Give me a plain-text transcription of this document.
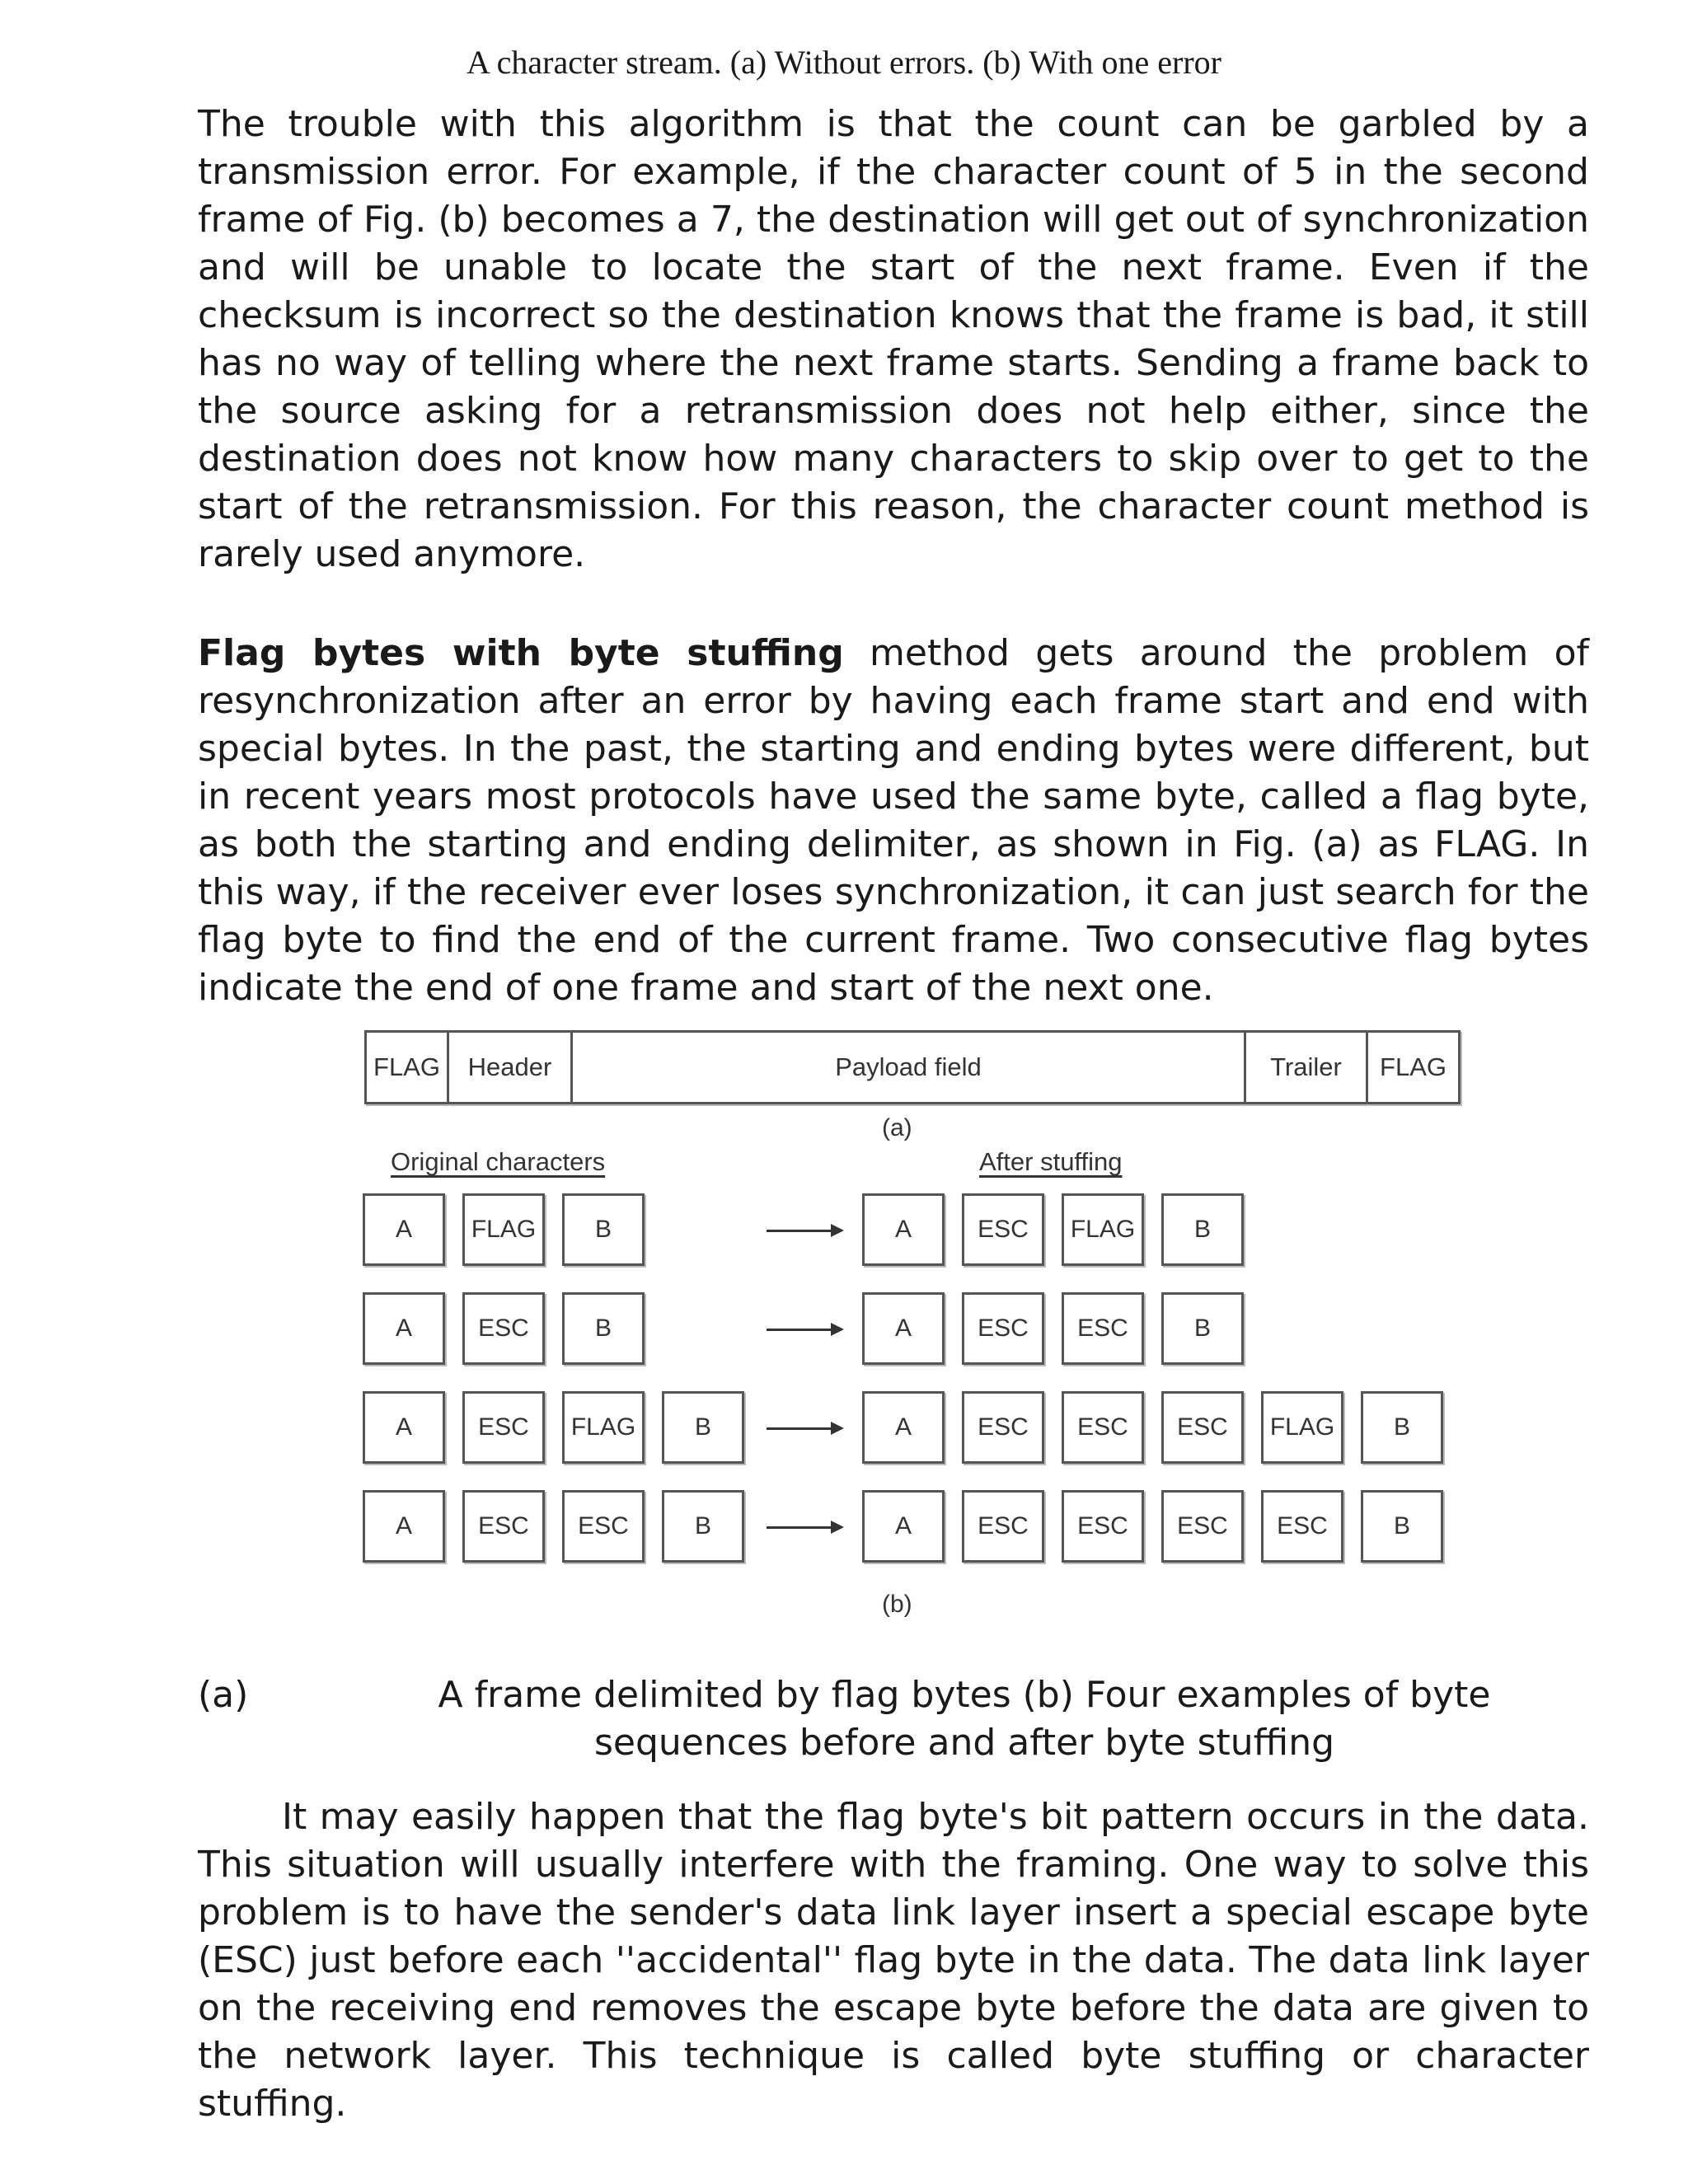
A character stream. (a) Without errors. (b) With one error

The trouble with this algorithm is that the count can be garbled by a transmission error. For example, if the character count of 5 in the second frame of Fig. (b) becomes a 7, the destination will get out of synchronization and will be unable to locate the start of the next frame. Even if the checksum is incorrect so the destination knows that the frame is bad, it still has no way of telling where the next frame starts. Sending a frame back to the source asking for a retransmission does not help either, since the destination does not know how many characters to skip over to get to the start of the retransmission. For this reason, the character count method is rarely used anymore.

Flag bytes with byte stuffing method gets around the problem of resynchronization after an error by having each frame start and end with special bytes. In the past, the starting and ending bytes were different, but in recent years most protocols have used the same byte, called a flag byte, as both the starting and ending delimiter, as shown in Fig. (a) as FLAG. In this way, if the receiver ever loses synchronization, it can just search for the flag byte to find the end of the current frame. Two consecutive flag bytes indicate the end of one frame and start of the next one.

FLAG	Header	Payload field	Trailer	FLAG
(a)
Original characters	After stuffing
A	FLAG	B	A	ESC	FLAG	B
A	ESC	B	A	ESC	ESC	B
A	ESC	FLAG	B	A	ESC	ESC	ESC	FLAG	B
A	ESC	ESC	B	A	ESC	ESC	ESC	ESC	B
(b)
(a)	A frame delimited by flag bytes (b) Four examples of byte sequences before and after byte stuffing

It may easily happen that the flag byte's bit pattern occurs in the data. This situation will usually interfere with the framing. One way to solve this problem is to have the sender's data link layer insert a special escape byte (ESC) just before each ''accidental'' flag byte in the data. The data link layer on the receiving end removes the escape byte before the data are given to the network layer. This technique is called byte stuffing or character stuffing.
